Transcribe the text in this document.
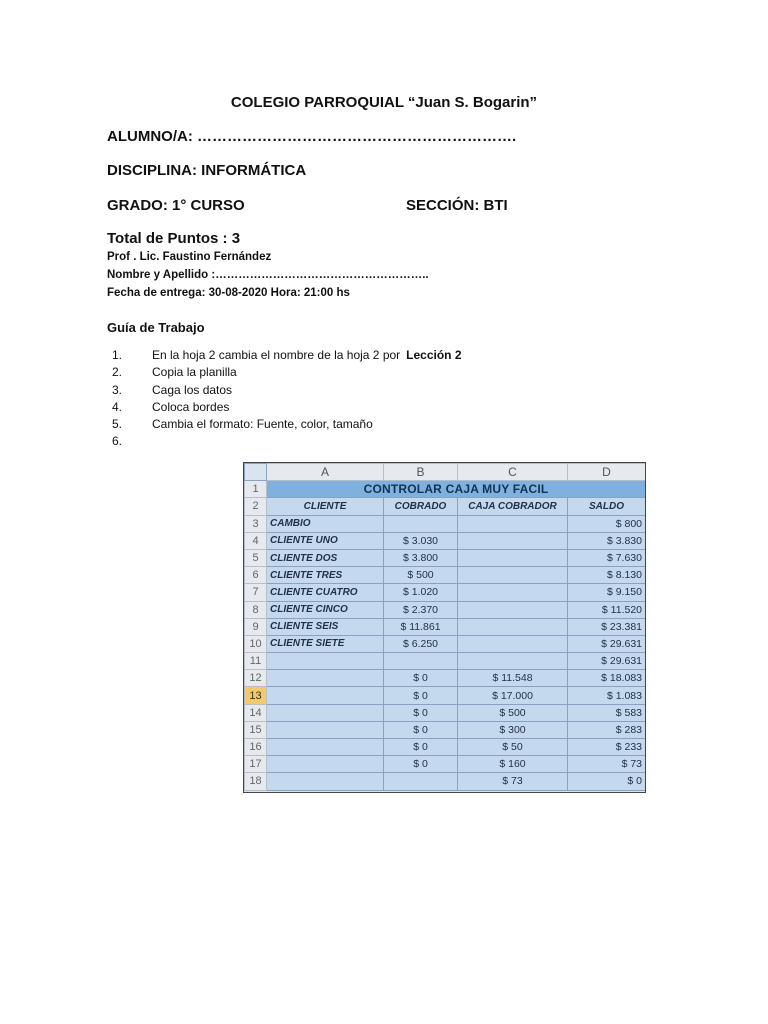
COLEGIO PARROQUIAL “Juan S. Bogarin”
ALUMNO/A: ……………………………………………………….
DISCIPLINA: INFORMÁTICA
GRADO: 1° CURSO	SECCIÓN: BTI
Total de Puntos : 3
Prof . Lic. Faustino Fernández
Nombre y Apellido :………………………………………………..
Fecha de entrega: 30-08-2020 Hora: 21:00 hs
Guía de Trabajo
1. En la hoja 2 cambia el nombre de la hoja 2 por Lección 2
2. Copia la planilla
3. Caga los datos
4. Coloca bordes
5. Cambia el formato: Fuente, color, tamaño
6.
	A	B	C	D
1	CONTROLAR CAJA MUY FACIL			
2	CLIENTE	COBRADO	CAJA COBRADOR	SALDO
3	CAMBIO			$ 800
4	CLIENTE UNO	$ 3.030		$ 3.830
5	CLIENTE DOS	$ 3.800		$ 7.630
6	CLIENTE TRES	$ 500		$ 8.130
7	CLIENTE CUATRO	$ 1.020		$ 9.150
8	CLIENTE CINCO	$ 2.370		$ 11.520
9	CLIENTE SEIS	$ 11.861		$ 23.381
10	CLIENTE SIETE	$ 6.250		$ 29.631
11				$ 29.631
12		$ 0	$ 11.548	$ 18.083
13		$ 0	$ 17.000	$ 1.083
14		$ 0	$ 500	$ 583
15		$ 0	$ 300	$ 283
16		$ 0	$ 50	$ 233
17		$ 0	$ 160	$ 73
18			$ 73	$ 0
